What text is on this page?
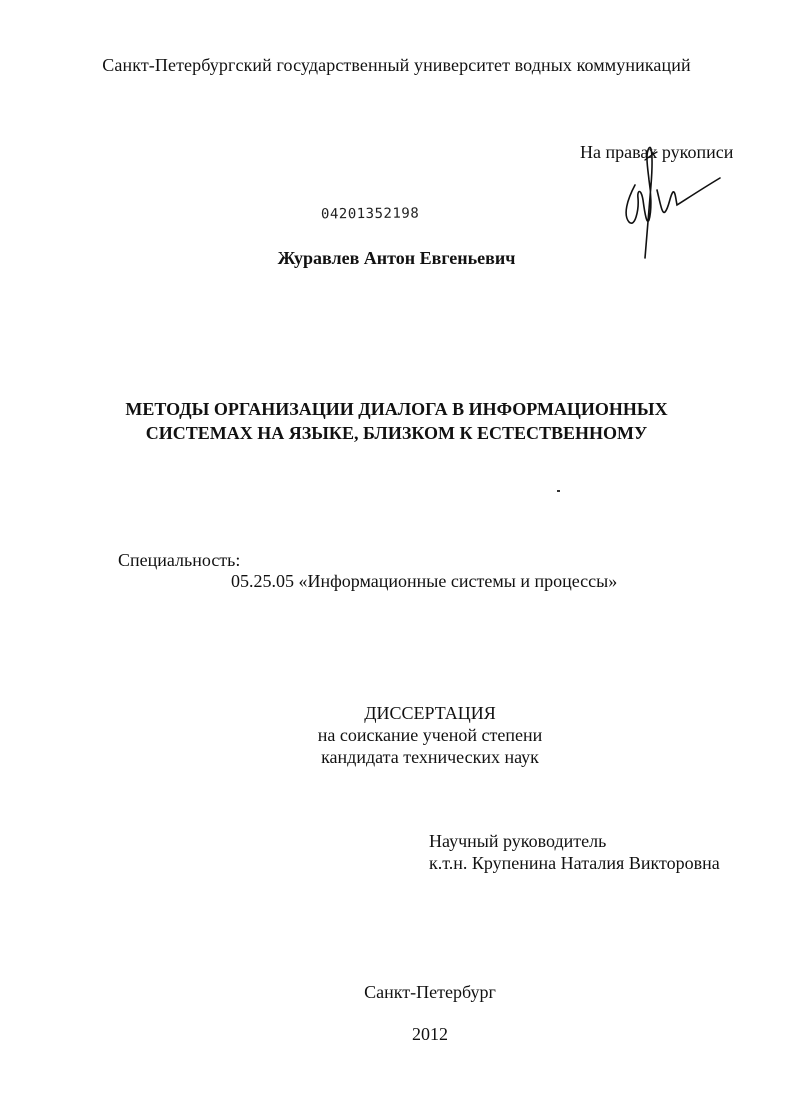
Санкт-Петербургский государственный университет водных коммуникаций
На правах рукописи
04201352198
Журавлев Антон Евгеньевич
МЕТОДЫ ОРГАНИЗАЦИИ ДИАЛОГА В ИНФОРМАЦИОННЫХ
СИСТЕМАХ НА ЯЗЫКЕ, БЛИЗКОМ К ЕСТЕСТВЕННОМУ
Специальность:
05.25.05 «Информационные системы и процессы»
ДИССЕРТАЦИЯ
на соискание ученой степени
кандидата технических наук
Научный руководитель
к.т.н. Крупенина Наталия Викторовна
Санкт-Петербург
2012
